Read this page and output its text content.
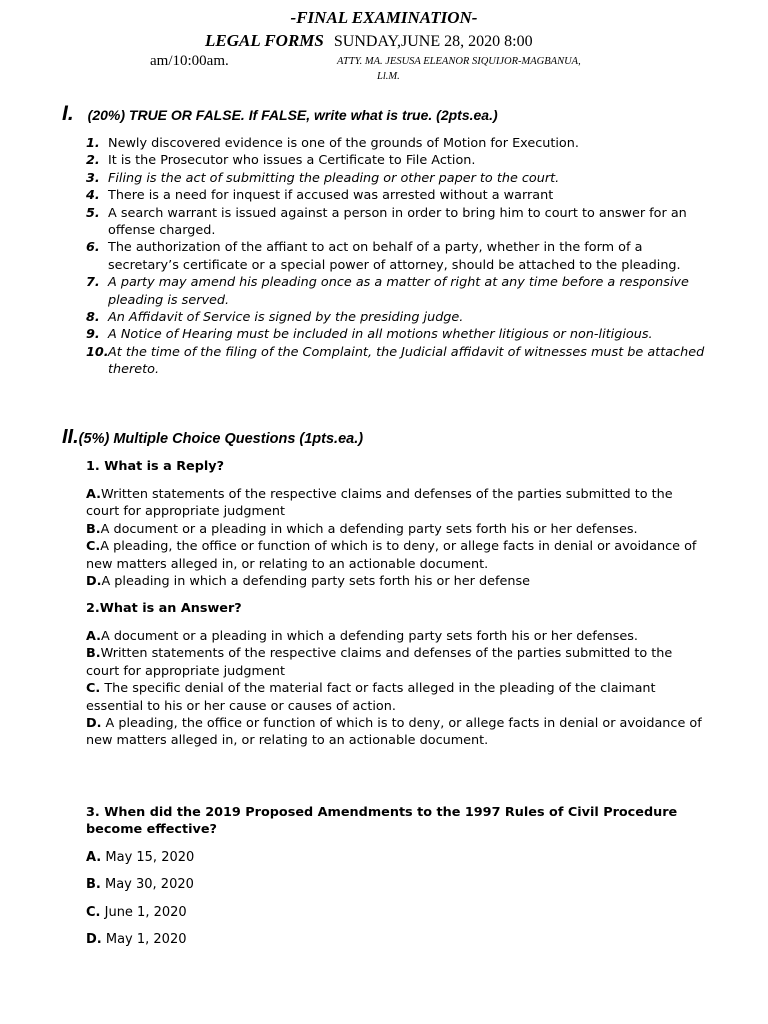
-FINAL EXAMINATION-
LEGAL FORMS SUNDAY,JUNE 28, 2020 8:00
am/10:00am.	ATTY. MA. JESUSA ELEANOR SIQUIJOR-MAGBANUA,
Ll.M.
I. (20%) TRUE OR FALSE. If FALSE, write what is true. (2pts.ea.)
1. Newly discovered evidence is one of the grounds of Motion for Execution.
2. It is the Prosecutor who issues a Certificate to File Action.
3. Filing is the act of submitting the pleading or other paper to the court.
4. There is a need for inquest if accused was arrested without a warrant
5. A search warrant is issued against a person in order to bring him to court to answer for an offense charged.
6. The authorization of the affiant to act on behalf of a party, whether in the form of a secretary’s certificate or a special power of attorney, should be attached to the pleading.
7. A party may amend his pleading once as a matter of right at any time before a responsive pleading is served.
8. An Affidavit of Service is signed by the presiding judge.
9. A Notice of Hearing must be included in all motions whether litigious or non-litigious.
10. At the time of the filing of the Complaint, the Judicial affidavit of witnesses must be attached thereto.
II.(5%) Multiple Choice Questions (1pts.ea.)
1. What is a Reply?
A.Written statements of the respective claims and defenses of the parties submitted to the court for appropriate judgment
B.A document or a pleading in which a defending party sets forth his or her defenses.
C.A pleading, the office or function of which is to deny, or allege facts in denial or avoidance of new matters alleged in, or relating to an actionable document.
D.A pleading in which a defending party sets forth his or her defense
2.What is an Answer?
A.A document or a pleading in which a defending party sets forth his or her defenses.
B.Written statements of the respective claims and defenses of the parties submitted to the court for appropriate judgment
C. The specific denial of the material fact or facts alleged in the pleading of the claimant essential to his or her cause or causes of action.
D. A pleading, the office or function of which is to deny, or allege facts in denial or avoidance of new matters alleged in, or relating to an actionable document.
3. When did the 2019 Proposed Amendments to the 1997 Rules of Civil Procedure become effective?
A. May 15, 2020
B. May 30, 2020
C. June 1, 2020
D. May 1, 2020
